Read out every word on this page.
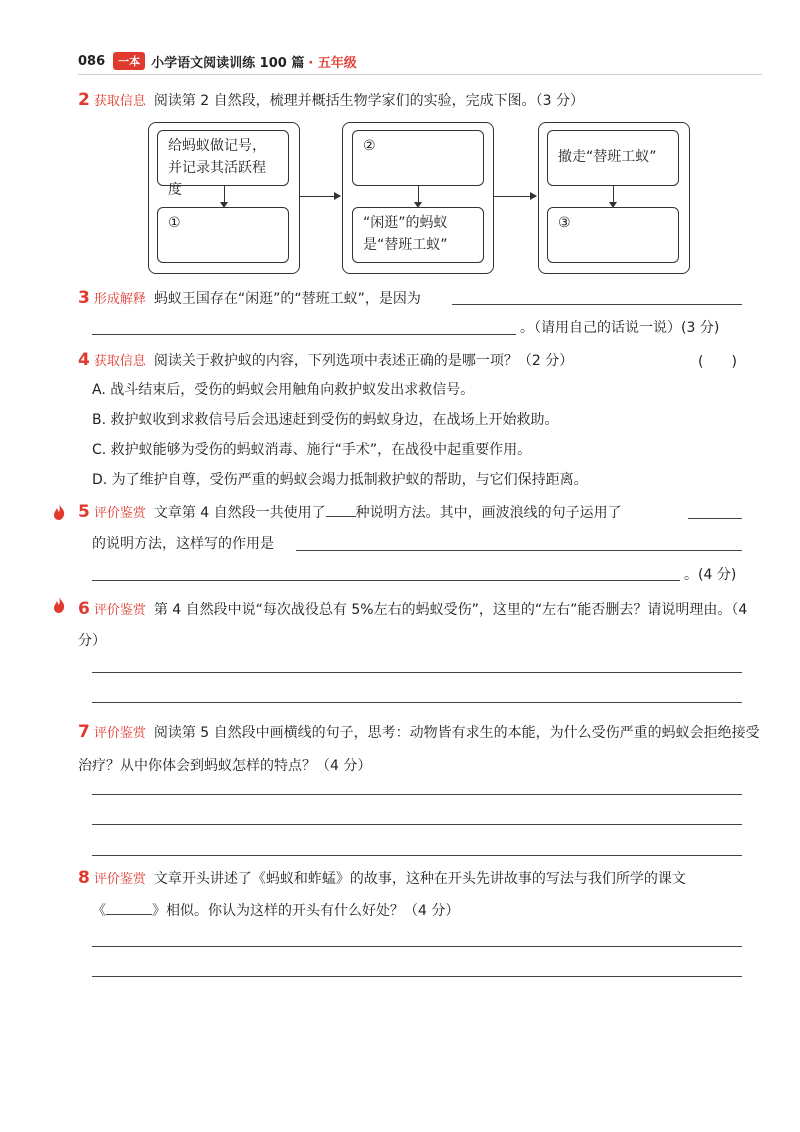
086	一本 小学语文阅读训练 100 篇 · 五年级
2 获取信息 阅读第 2 自然段，梳理并概括生物学家们的实验，完成下图。（3 分）
给蚂蚁做记号，并记录其活跃程度
①
②
“闲逛”的蚂蚁是“替班工蚁”
撤走“替班工蚁”
③
3 形成解释 蚂蚁王国存在“闲逛”的“替班工蚁”，是因为
。（请用自己的话说一说）(3 分)
4 获取信息 阅读关于救护蚁的内容，下列选项中表述正确的是哪一项？（2 分）	(　　)
A. 战斗结束后，受伤的蚂蚁会用触角向救护蚁发出求救信号。
B. 救护蚁收到求救信号后会迅速赶到受伤的蚂蚁身边，在战场上开始救助。
C. 救护蚁能够为受伤的蚂蚁消毒、施行“手术”，在战役中起重要作用。
D. 为了维护自尊，受伤严重的蚂蚁会竭力抵制救护蚁的帮助，与它们保持距离。
5 评价鉴赏 文章第 4 自然段一共使用了 种说明方法。其中，画波浪线的句子运用了
的说明方法，这样写的作用是
。(4 分)
6 评价鉴赏 第 4 自然段中说“每次战役总有 5%左右的蚂蚁受伤”，这里的“左右”能否删去？请说明理由。（4 分）
7 评价鉴赏 阅读第 5 自然段中画横线的句子，思考：动物皆有求生的本能，为什么受伤严重的蚂蚁会拒绝接受治疗？从中你体会到蚂蚁怎样的特点？（4 分）
8 评价鉴赏 文章开头讲述了《蚂蚁和蚱蜢》的故事，这种在开头先讲故事的写法与我们所学的课文
《	》相似。你认为这样的开头有什么好处？（4 分）
